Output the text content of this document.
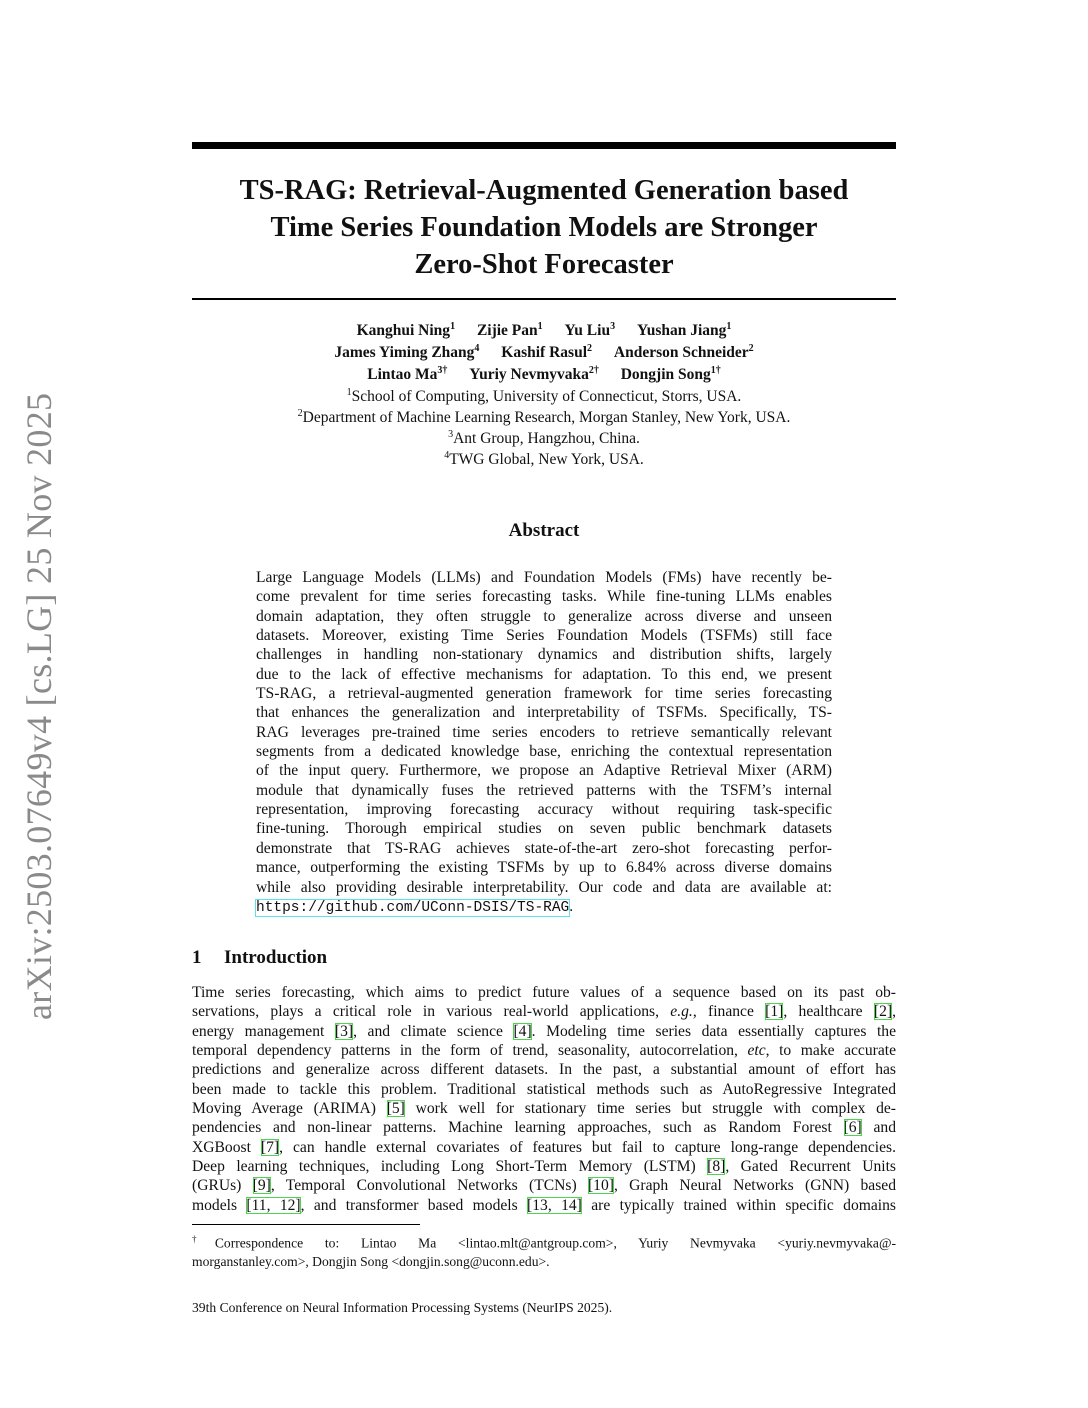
arXiv:2503.07649v4 [cs.LG] 25 Nov 2025
TS-RAG: Retrieval-Augmented Generation based
Time Series Foundation Models are Stronger
Zero-Shot Forecaster
Kanghui Ning$^1$ Zijie Pan$^1$ Yu Liu$^3$ Yushan Jiang$^1$
James Yiming Zhang$^4$ Kashif Rasul$^2$ Anderson Schneider$^2$
Lintao $Ma^{3\dagger}$ Yuriy Nevmyvaka$^{2\dagger}$ Dongjin Song$^{1\dagger}$
$^1$School of Computing, University of Connecticut, Storrs, USA.
$^2$Department of Machine Learning Research, Morgan Stanley, New York, USA.
$^3$Ant Group, Hangzhou, China.
$^4$TWG Global, New York, USA.
Abstract
Large Language Models (LLMs) and Foundation Models (FMs) have recently be-
come prevalent for time series forecasting tasks. While fine-tuning LLMs enables
domain adaptation, they often struggle to generalize across diverse and unseen
datasets. Moreover, existing Time Series Foundation Models (TSFMs) still face
challenges in handling non-stationary dynamics and distribution shifts, largely
due to the lack of effective mechanisms for adaptation. To this end, we present
TS-RAG, a retrieval-augmented generation framework for time series forecasting
that enhances the generalization and interpretability of TSFMs. Specifically, TS-
RAG leverages pre-trained time series encoders to retrieve semantically relevant
segments from a dedicated knowledge base, enriching the contextual representation
of the input query. Furthermore, we propose an Adaptive Retrieval Mixer (ARM)
module that dynamically fuses the retrieved patterns with the TSFM’s internal
representation, improving forecasting accuracy without requiring task-specific
fine-tuning. Thorough empirical studies on seven public benchmark datasets
demonstrate that TS-RAG achieves state-of-the-art zero-shot forecasting perfor-
mance, outperforming the existing TSFMs by up to 6.84% across diverse domains
while also providing desirable interpretability. Our code and data are available at:
https://github.com/UConn-DSIS/TS-RAG.
1 Introduction
Time series forecasting, which aims to predict future values of a sequence based on its past ob-
servations, plays a critical role in various real-world applications, e.g., finance [1], healthcare [2],
energy management [3], and climate science [4]. Modeling time series data essentially captures the
temporal dependency patterns in the form of trend, seasonality, autocorrelation, etc, to make accurate
predictions and generalize across different datasets. In the past, a substantial amount of effort has
been made to tackle this problem. Traditional statistical methods such as AutoRegressive Integrated
Moving Average (ARIMA) [5] work well for stationary time series but struggle with complex de-
pendencies and non-linear patterns. Machine learning approaches, such as Random Forest [6] and
XGBoost [7], can handle external covariates of features but fail to capture long-range dependencies.
Deep learning techniques, including Long Short-Term Memory (LSTM) [8], Gated Recurrent Units
(GRUs) [9], Temporal Convolutional Networks (TCNs) [10], Graph Neural Networks (GNN) based
models [11, 12], and transformer based models [13, 14] are typically trained within specific domains
†Correspondence to: Lintao Ma <lintao.mlt@antgroup.com>, Yuriy Nevmyvaka <yuriy.nevmyvaka@-
morganstanley.com>, Dongjin Song <dongjin.song@uconn.edu>.
39th Conference on Neural Information Processing Systems (NeurIPS 2025).
